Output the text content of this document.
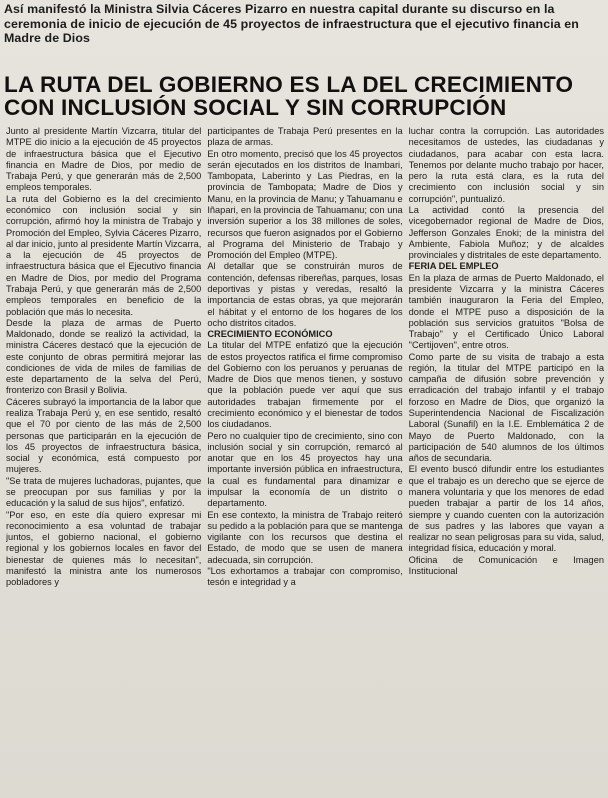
Así manifestó la Ministra Silvia Cáceres Pizarro en nuestra capital durante su discurso en la ceremonia de inicio de ejecución de 45 proyectos de infraestructura que el ejecutivo financia en Madre de Dios
LA RUTA DEL GOBIERNO ES LA DEL CRECIMIENTO CON INCLUSIÓN SOCIAL Y SIN CORRUPCIÓN

Junto al presidente Martín Vizcarra, titular del MTPE dio inicio a la ejecución de 45 proyectos de infraestructura básica que el Ejecutivo financia en Madre de Dios, por medio de Trabaja Perú, y que generarán más de 2,500 empleos temporales.

La ruta del Gobierno es la del crecimiento económico con inclusión social y sin corrupción, afirmó hoy la ministra de Trabajo y Promoción del Empleo, Sylvia Cáceres Pizarro, al dar inicio, junto al presidente Martín Vizcarra, a la ejecución de 45 proyectos de infraestructura básica que el Ejecutivo financia en Madre de Dios, por medio del Programa Trabaja Perú, y que generarán más de 2,500 empleos temporales en beneficio de la población que más lo necesita.

Desde la plaza de armas de Puerto Maldonado, donde se realizó la actividad, la ministra Cáceres destacó que la ejecución de este conjunto de obras permitirá mejorar las condiciones de vida de miles de familias de este departamento de la selva del Perú, fronterizo con Brasil y Bolivia.

Cáceres subrayó la importancia de la labor que realiza Trabaja Perú y, en ese sentido, resaltó que el 70 por ciento de las más de 2,500 personas que participarán en la ejecución de los 45 proyectos de infraestructura básica, social y económica, está compuesto por mujeres.

"Se trata de mujeres luchadoras, pujantes, que se preocupan por sus familias y por la educación y la salud de sus hijos", enfatizó.

"Por eso, en este día quiero expresar mi reconocimiento a esa voluntad de trabajar juntos, el gobierno nacional, el gobierno regional y los gobiernos locales en favor del bienestar de quienes más lo necesitan", manifestó la ministra ante los numerosos pobladores y

participantes de Trabaja Perú presentes en la plaza de armas.

En otro momento, precisó que los 45 proyectos serán ejecutados en los distritos de Inambari, Tambopata, Laberinto y Las Piedras, en la provincia de Tambopata; Madre de Dios y Manu, en la provincia de Manu; y Tahuamanu e Iñapari, en la provincia de Tahuamanu; con una inversión superior a los 38 millones de soles, recursos que fueron asignados por el Gobierno al Programa del Ministerio de Trabajo y Promoción del Empleo (MTPE).

Al detallar que se construirán muros de contención, defensas ribereñas, parques, losas deportivas y pistas y veredas, resaltó la importancia de estas obras, ya que mejorarán el hábitat y el entorno de los hogares de los ocho distritos citados.

CRECIMIENTO ECONÓMICO

La titular del MTPE enfatizó que la ejecución de estos proyectos ratifica el firme compromiso del Gobierno con los peruanos y peruanas de Madre de Dios que menos tienen, y sostuvo que la población puede ver aquí que sus autoridades trabajan firmemente por el crecimiento económico y el bienestar de todos los ciudadanos.

Pero no cualquier tipo de crecimiento, sino con inclusión social y sin corrupción, remarcó al anotar que en los 45 proyectos hay una importante inversión pública en infraestructura, la cual es fundamental para dinamizar e impulsar la economía de un distrito o departamento.

En ese contexto, la ministra de Trabajo reiteró su pedido a la población para que se mantenga vigilante con los recursos que destina el Estado, de modo que se usen de manera adecuada, sin corrupción.

"Los exhortamos a trabajar con compromiso, tesón e integridad y a

luchar contra la corrupción. Las autoridades necesitamos de ustedes, las ciudadanas y ciudadanos, para acabar con esta lacra. Tenemos por delante mucho trabajo por hacer, pero la ruta está clara, es la ruta del crecimiento con inclusión social y sin corrupción", puntualizó.

La actividad contó la presencia del vicegobernador regional de Madre de Dios, Jefferson Gonzales Enoki; de la ministra del Ambiente, Fabiola Muñoz; y de alcaldes provinciales y distritales de este departamento.

FERIA DEL EMPLEO

En la plaza de armas de Puerto Maldonado, el presidente Vizcarra y la ministra Cáceres también inauguraron la Feria del Empleo, donde el MTPE puso a disposición de la población sus servicios gratuitos "Bolsa de Trabajo" y el Certificado Único Laboral "Certijoven", entre otros.

Como parte de su visita de trabajo a esta región, la titular del MTPE participó en la campaña de difusión sobre prevención y erradicación del trabajo infantil y el trabajo forzoso en Madre de Dios, que organizó la Superintendencia Nacional de Fiscalización Laboral (Sunafil) en la I.E. Emblemática 2 de Mayo de Puerto Maldonado, con la participación de 540 alumnos de los últimos años de secundaria.

El evento buscó difundir entre los estudiantes que el trabajo es un derecho que se ejerce de manera voluntaria y que los menores de edad pueden trabajar a partir de los 14 años, siempre y cuando cuenten con la autorización de sus padres y las labores que vayan a realizar no sean peligrosas para su vida, salud, integridad física, educación y moral.

Oficina de Comunicación e Imagen Institucional
